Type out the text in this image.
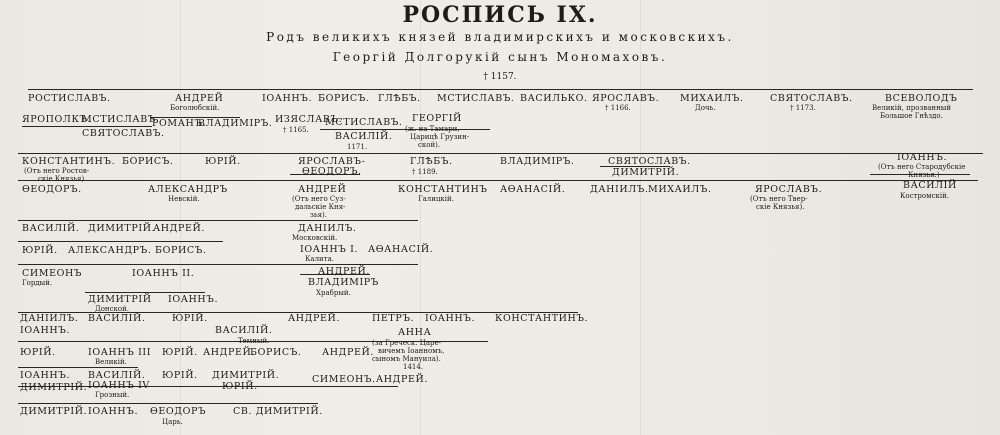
РОСПИСЬ IX.
Родъ великихъ князей владимирскихъ и московскихъ.
Георгій Долгорукій сынъ Мономаховъ.
† 1157.
РОСТИСЛАВЪ.	АНДРЕЙ
Боголюбскій.
ІОАННЪ. БОРИСЪ. ГЛѢБЪ. МСТИСЛАВЪ. ВАСИЛЬКО. ЯРОСЛАВЪ.
† 1166.
МИХАИЛЪ.
Дочь.
СВЯТОСЛАВЪ.
† 1173.
ВСЕВОЛОДЪ
Великій, прозванный
Большое Гнѣздо.
ЯРОПОЛКЪ.
МСТИСЛАВЪ.
СВЯТОСЛАВЪ.
РОМАНЪ.
ВЛАДИМІРЪ. ИЗЯСЛАВЪ.
† 1165.
МСТИСЛАВЪ.
ВАСИЛІЙ.
1171.
ГЕОРГІЙ
(ж. на Тамари,
Царицѣ Грузин-
ской).
КОНСТАНТИНЪ.
(Отъ него Ростов-
скіе Князья)
БОРИСЪ.	ЮРІЙ.	ЯРОСЛАВЪ-
ѲЕОДОРЪ.
ГЛѢБЪ.
† 1189.
ВЛАДИМІРЪ.	СВЯТОСЛАВЪ.
ДИМИТРІЙ.
ІОАННЪ.
(Отъ него Стародубскіе
Князья.)
ѲЕОДОРЪ.	АЛЕКСАНДРЪ
Невскій.
АНДРЕЙ
(Отъ него Суз-
дальскіе Кня-
зья).
КОНСТАНТИНЪ
Галицкій.
АѲАНАСІЙ.	ДАНІИЛЪ. МИХАИЛЪ.	ЯРОСЛАВЪ.
(Отъ него Твер-
скіе Князья).
ВАСИЛІЙ
Костромскій.
ВАСИЛІЙ. ДИМИТРІЙ.
АНДРЕЙ.	ДАНІИЛЪ.
Московскій.
ЮРІЙ. АЛЕКСАНДРЪ. БОРИСЪ.	ІОАННЪ І.
Калита.
АѲАНАСІЙ.
СИМЕОНЪ
Гордый.
ІОАННЪ II.	АНДРЕЙ.
ВЛАДИМІРЪ
Храбрый.
ДИМИТРІЙ
Донской.
ІОАННЪ.
ДАНІИЛЪ. ВАСИЛІЙ.	ЮРІЙ.	АНДРЕЙ.	ПЕТРЪ. ІОАННЪ. КОНСТАНТИНЪ.
ІОАННЪ.	ВАСИЛІЙ.
Темный.
АННА
(за Греческ. Царе-
вичемъ Іоанномъ,
сыномъ Мануила).
1414.
ЮРІЙ.	ІОАННЪ III
Великій.
ЮРІЙ. АНДРЕЙ.
БОРИСЪ. АНДРЕЙ.
ІОАННЪ. ВАСИЛІЙ. ЮРІЙ. ДИМИТРІЙ.	СИМЕОНЪ. АНДРЕЙ.
ДИМИТРІЙ. ІОАННЪ IV
Грозный.
ЮРІЙ.
ДИМИТРІЙ. ІОАННЪ. ѲЕОДОРЪ
Царь.
СВ. ДИМИТРІЙ.
